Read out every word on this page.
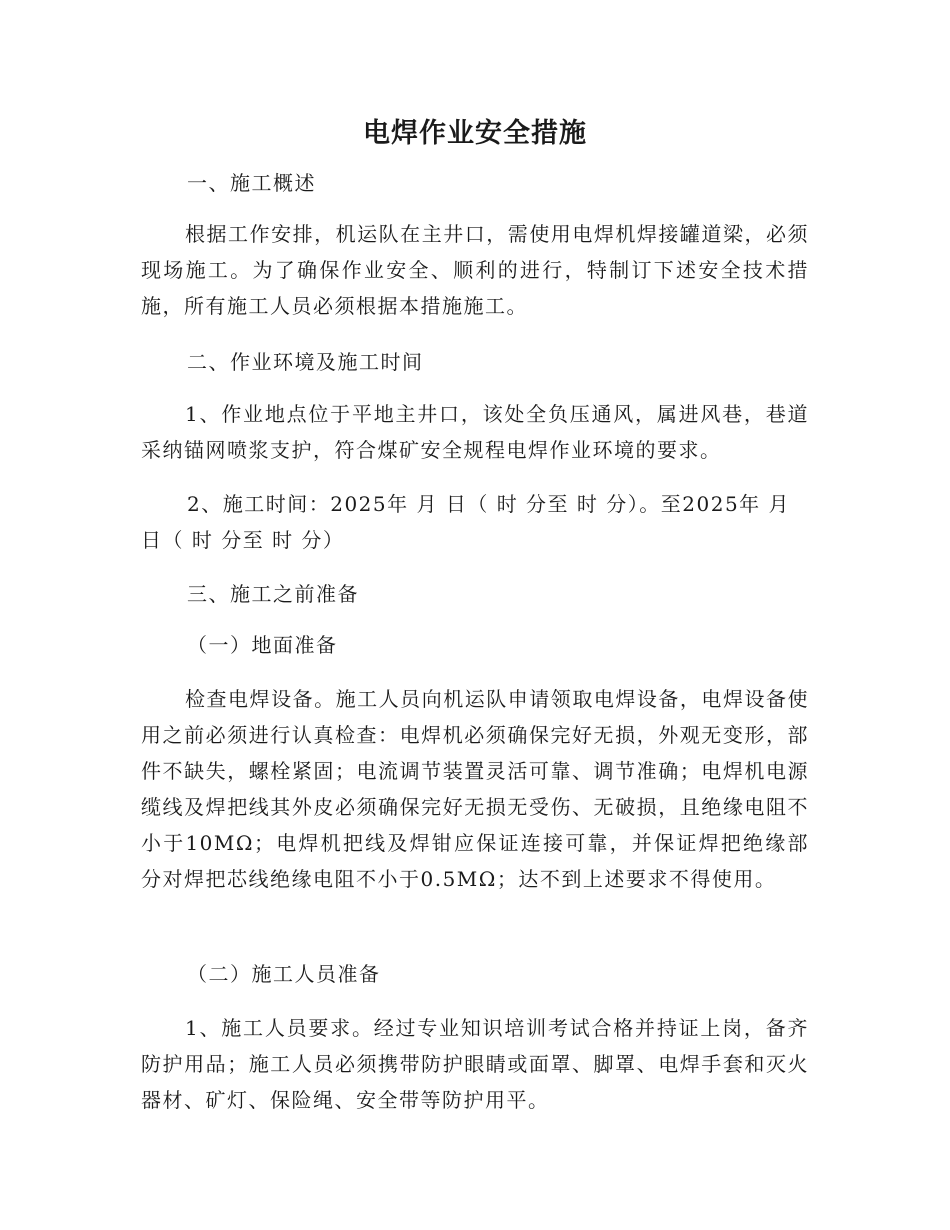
电焊作业安全措施
一、施工概述
根据工作安排，机运队在主井口，需使用电焊机焊接罐道梁，必须现场施工。为了确保作业安全、顺利的进行，特制订下述安全技术措施，所有施工人员必须根据本措施施工。
二、作业环境及施工时间
1、作业地点位于平地主井口，该处全负压通风，属进风巷，巷道采纳锚网喷浆支护，符合煤矿安全规程电焊作业环境的要求。
2、施工时间：2025年 月 日（ 时 分至 时 分）。至2025年 月
日（ 时 分至 时 分）
三、施工之前准备
（一）地面准备
检查电焊设备。施工人员向机运队申请领取电焊设备，电焊设备使用之前必须进行认真检查：电焊机必须确保完好无损，外观无变形，部件不缺失，螺栓紧固；电流调节装置灵活可靠、调节准确；电焊机电源缆线及焊把线其外皮必须确保完好无损无受伤、无破损，且绝缘电阻不小于10MΩ；电焊机把线及焊钳应保证连接可靠，并保证焊把绝缘部分对焊把芯线绝缘电阻不小于0.5MΩ；达不到上述要求不得使用。
（二）施工人员准备
1、施工人员要求。经过专业知识培训考试合格并持证上岗，备齐防护用品；施工人员必须携带防护眼睛或面罩、脚罩、电焊手套和灭火器材、矿灯、保险绳、安全带等防护用平。
